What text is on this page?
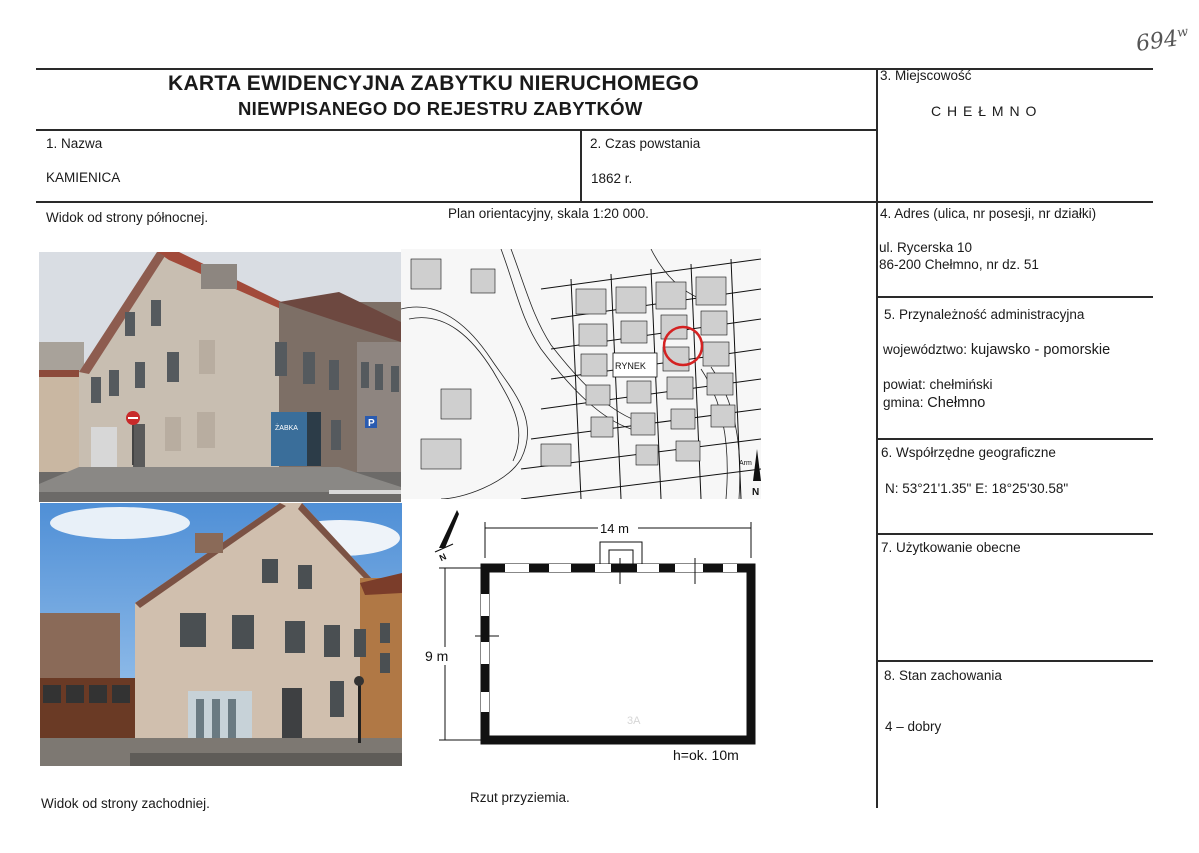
694$^w$
KARTA EWIDENCYJNA ZABYTKU NIERUCHOMEGO
NIEWPISANEGO DO REJESTRU ZABYTKÓW
1. Nazwa
KAMIENICA
2. Czas powstania
1862 r.
3. Miejscowość
C H E Ł M N O
4. Adres (ulica, nr posesji, nr działki)
ul. Rycerska 10
86-200 Chełmno, nr dz. 51
5. Przynależność administracyjna
województwo: kujawsko - pomorskie
powiat: chełmiński
gmina: Chełmno
6. Współrzędne geograficzne
N: 53°21'1.35" E: 18°25'30.58"
7. Użytkowanie obecne
8. Stan zachowania
4 – dobry
Widok od strony północnej.	Plan orientacyjny, skala 1:20 000.
Widok od strony zachodniej.	Rzut przyziemia.
ŻABKA	P
RYNEK
N
Arm
N
14 m
9 m
3A
h=ok. 10m
